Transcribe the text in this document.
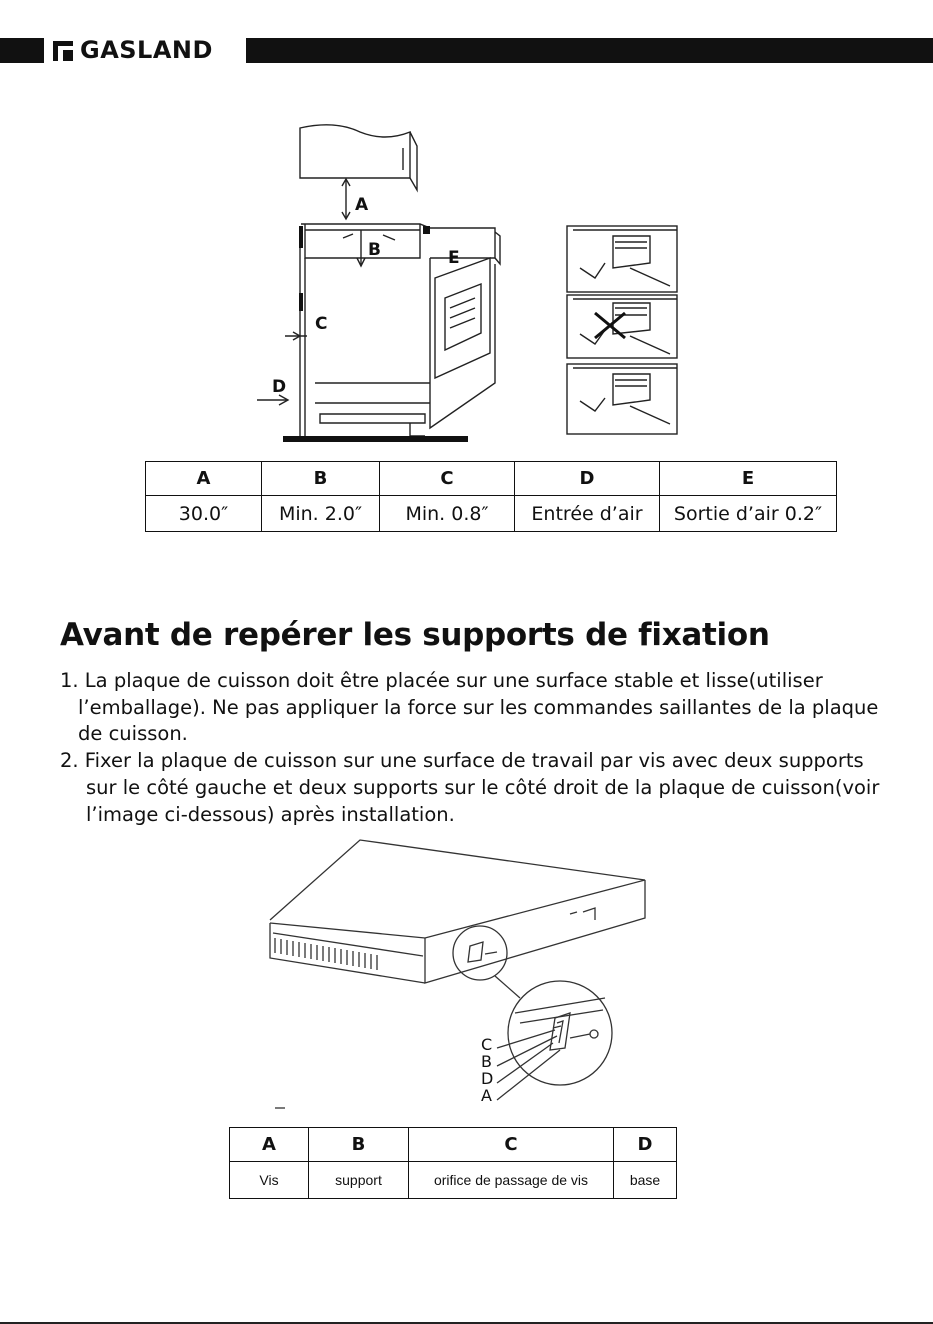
GASLAND
A
B	E
C
D
A	B	C	D	E
30.0″	Min. 2.0″	Min. 0.8″	Entrée d’air	Sortie d’air 0.2″
Avant de repérer les supports de fixation

1. La plaque de cuisson doit être placée sur une surface stable et lisse(utiliser l’emballage). Ne pas appliquer la force sur les commandes saillantes de la plaque de cuisson.

2. Fixer la plaque de cuisson sur une surface de travail par vis avec deux supports sur le côté gauche et deux supports sur le côté droit de la plaque de cuisson(voir l’image ci-dessous) après installation.

C
B
D
A
A	B	C	D
Vis	support	orifice de passage de vis	base
